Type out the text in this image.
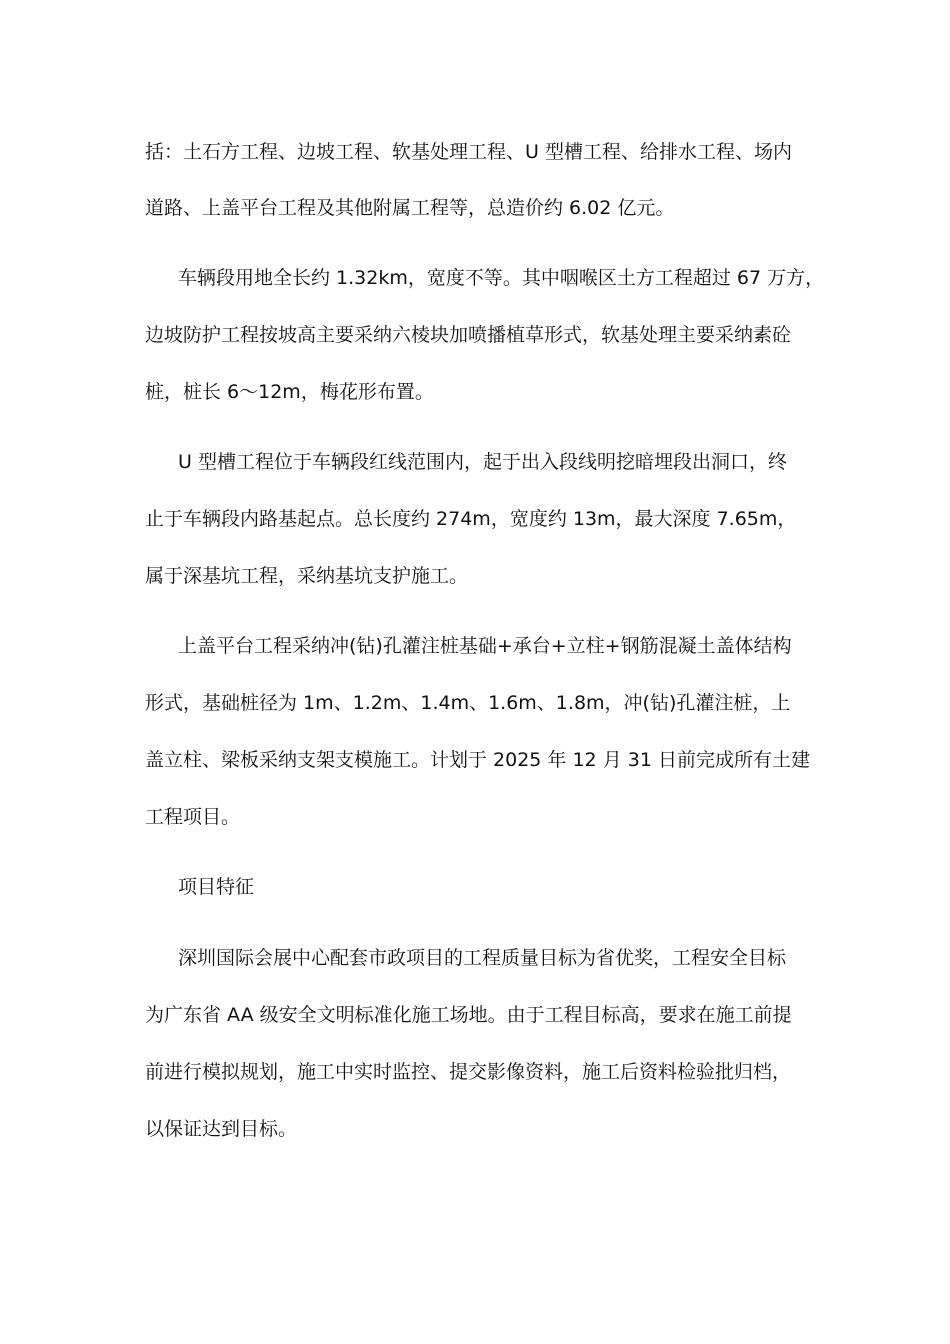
括：土石方工程、边坡工程、软基处理工程、U 型槽工程、给排水工程、场内
道路、上盖平台工程及其他附属工程等，总造价约 6.02 亿元。
车辆段用地全长约 1.32km，宽度不等。其中咽喉区土方工程超过 67 万方，
边坡防护工程按坡高主要采纳六棱块加喷播植草形式，软基处理主要采纳素砼
桩，桩长 6～12m，梅花形布置。
U 型槽工程位于车辆段红线范围内，起于出入段线明挖暗埋段出洞口，终
止于车辆段内路基起点。总长度约 274m，宽度约 13m，最大深度 7.65m，
属于深基坑工程，采纳基坑支护施工。
上盖平台工程采纳冲(钻)孔灌注桩基础+承台+立柱+钢筋混凝土盖体结构
形式，基础桩径为 1m、1.2m、1.4m、1.6m、1.8m，冲(钻)孔灌注桩，上
盖立柱、梁板采纳支架支模施工。计划于 2025 年 12 月 31 日前完成所有土建
工程项目。
项目特征
深圳国际会展中心配套市政项目的工程质量目标为省优奖，工程安全目标
为广东省 AA 级安全文明标准化施工场地。由于工程目标高，要求在施工前提
前进行模拟规划，施工中实时监控、提交影像资料，施工后资料检验批归档，
以保证达到目标。
